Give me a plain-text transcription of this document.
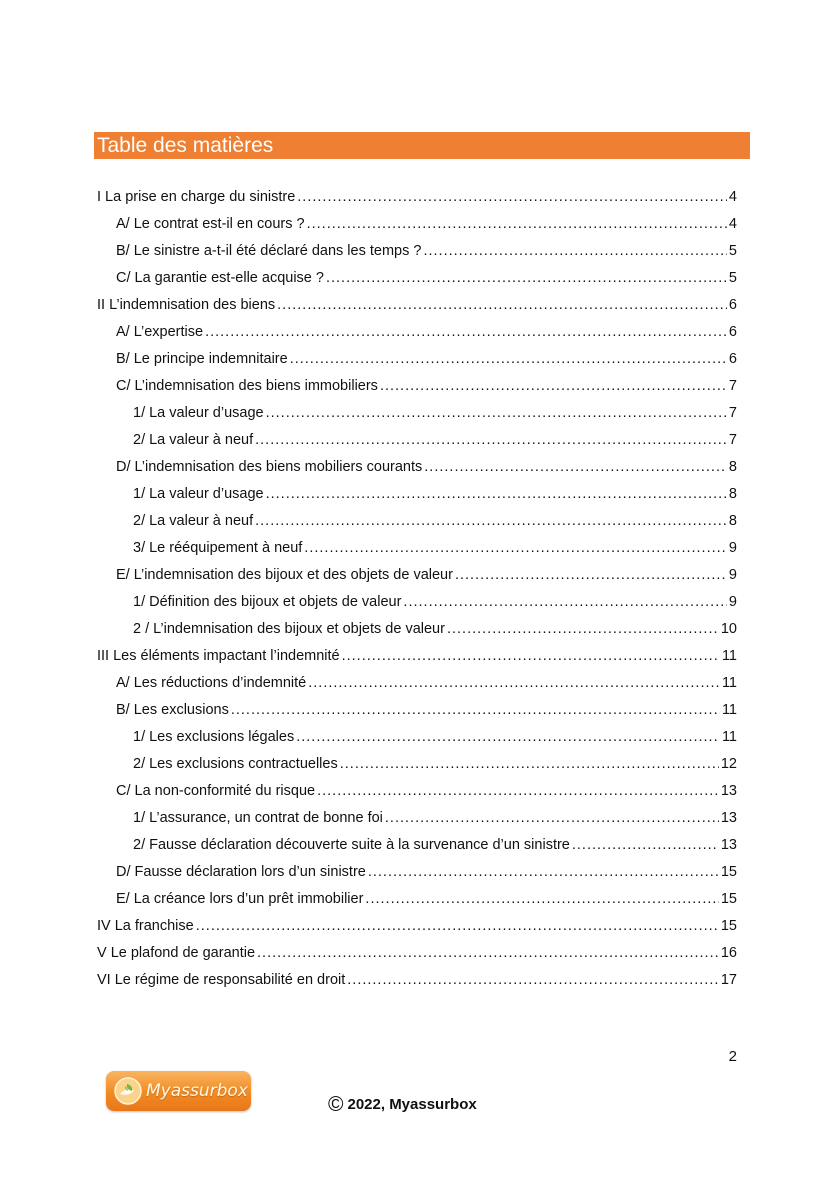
Table des matières
I La prise en charge du sinistre .....	4
A/ Le contrat est-il en cours ? .....	4
B/ Le sinistre a-t-il été déclaré dans les temps ? .....	5
C/ La garantie est-elle acquise ? .....	5
II L’indemnisation des biens .....	6
A/ L’expertise .....	6
B/ Le principe indemnitaire .....	6
C/ L’indemnisation des biens immobiliers .....	7
1/ La valeur d’usage .....	7
2/ La valeur à neuf .....	7
D/ L’indemnisation des biens mobiliers courants .....	8
1/ La valeur d’usage .....	8
2/ La valeur à neuf .....	8
3/ Le rééquipement à neuf .....	9
E/ L’indemnisation des bijoux et des objets de valeur .....	9
1/ Définition des bijoux et objets de valeur .....	9
2 / L’indemnisation des bijoux et objets de valeur .....	10
III Les éléments impactant l’indemnité .....	11
A/ Les réductions d’indemnité .....	11
B/ Les exclusions .....	11
1/ Les exclusions légales .....	11
2/ Les exclusions contractuelles .....	12
C/ La non-conformité du risque .....	13
1/ L’assurance, un contrat de bonne foi .....	13
2/ Fausse déclaration découverte suite à la survenance d’un sinistre .....	13
D/ Fausse déclaration lors d’un sinistre .....	15
E/ La créance lors d’un prêt immobilier .....	15
IV La franchise .....	15
V Le plafond de garantie .....	16
VI Le régime de responsabilité en droit .....	17
2
Myassurbox
© 2022, Myassurbox
